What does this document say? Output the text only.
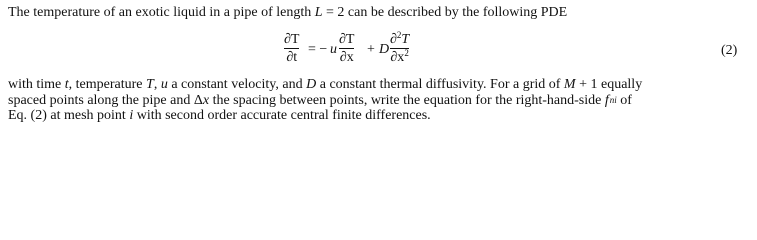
The temperature of an exotic liquid in a pipe of length L = 2 can be described by the following PDE
∂T
∂t
= − u
∂T
∂x
+ D
∂$^2$T
$\partial x^2$	(2)
with time t, temperature T, u a constant velocity, and D a constant thermal diffusivity. For a grid of M + 1 equally
spaced points along the pipe and Δx the spacing between points, write the equation for the right-hand-side fni of
Eq. (2) at mesh point i with second order accurate central finite differences.
